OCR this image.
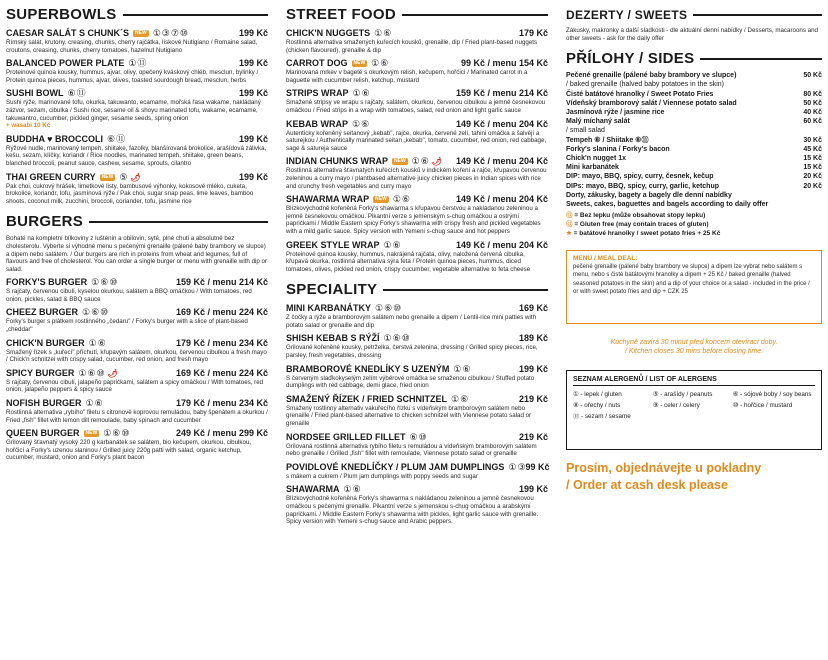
SUPERBOWLS
CAESAR SALÁT S CHUNK´S	NEW ① ③ ⑦ ⑩	199 Kč
Římský salát, krutony, creasing, chunks, cherry rajčátka, lískové Nutigiano / Romaine salad, croutons, creasing, chunks, cherry tomatoes, hazelnut Nutigiano
BALANCED POWER PLATE ① ⑪	199 Kč
Proteinové quinoa kousky, hummus, ajvar, olivy, opečený kváskový chléb, mesclun, bylinky / Protein quinoa pieces, hummus, ajvar, olives, toasted sourdough bread, mesclun, herbs
SUSHI BOWL ⑥ ⑪	199 Kč
Sushi rýže, marinované tofu, okurka, takuwanto, ecamame, mořská řasa wakame, nakládaný zázvor, sezam, cibulka / Sushi rice, sesame oil & shoyu marinated tofu, wakame, ecamame, takuwantro, cucumber, pickled ginger, sesame seeds, spring onion
+ wasabi 10 Kč
BUDDHA ♥ BROCCOLI ⑥ ⑪	199 Kč
Rýžové nudle, marinovaný tempeh, shiitake, fazolky, blanšírovaná brokolice, arašídová zálivka, kešu, sezam, klíčky, koriandr / Rice noodles, marinated tempeh, shiitake, green beans, blanched broccoli, peanut sauce, cashew, sesame, sprouts, cilantro
THAI GREEN CURRY	NEW ⑤ 🌶	199 Kč
Pak choi, cukrový hrášek, limetkové listy, bambusové výhonky, kokosové mléko, cuketa, brokolice, koriandr, tofu, jasmínová rýže / Pak choi, sugar snap peas, lime leaves, bamboo shoots, coconut milk, zucchini, broccoli, coriander, tofu, jasmine rice
BURGERS
Bohaté na kompletní bílkoviny z lušténin a obilovin, syté, plné chuti a absolutně bez cholesterolu. Vyberte si výhodné menu s pečenými grenaille (pálené baby brambory ve slupce) a dipem nebo salátem. / Our burgers are rich in proteins from wheat and legumes, full of flavours and free of cholesterol. You can order a single burger or menu with grenaille with dip or salad.
FORKY'S BURGER ① ⑥ ⑩	159 Kč / menu 214 Kč
S rajčaty, červenou cibulí, kyselou okurkou, salátem a BBQ omáčkou / With tomatoes, red onion, pickles, salad & BBQ sauce
CHEEZ BURGER ① ⑥ ⑩	169 Kč / menu 224 Kč
Forky's burger s plátkem rostlinného „čedaru" / Forky's burger with a slice of plant-based „cheddar"
CHICK'N BURGER ① ⑥	179 Kč / menu 234 Kč
Smažený řízek s „kuřecí" příchutí, křupavým salátem, okurkou, červenou cibulkou a fresh mayo / Chick'n schnitzel with crispy salad, cucumber, red onion, and fresh mayo
SPICY BURGER ① ⑥ ⑩ 🌶	169 Kč / menu 224 Kč
S rajčaty, červenou cibulí, jalapeño papričkami, salátem a spicy omáčkou / With tomatoes, red onion, jalapeño peppers & spicy sauce
NOFISH BURGER ① ⑥	179 Kč / menu 234 Kč
Rostlinná alternativa „rybího" filetu s citronově koprovou remuládou, baby špenátem a okurkou / Fried „fish" fillet with lemon dill remoulade, baby spinach and cucumber
QUEEN BURGER	NEW ① ⑥ ⑩	249 Kč / menu 299 Kč
Grilovaný šťavnatý vysoký 220 g karbanátek se salátem, bio kečupem, okurkou, cibulkou, hořčicí a Forky's uzenou slaninou / Grilled juicy 220g patti with salad, organic ketchup, cucumber, mustard, onion and Forky's plant bacon
STREET FOOD
CHICK'N NUGGETS ① ⑥	179 Kč
Rostlinná alternativa smažených kuřecích kousků, grenaille, dip / Fried plant-based nuggets (chicken flavoured), grenaille & dip
CARROT DOG	NEW ① ⑥	99 Kč / menu 154 Kč
Marinovaná mrkev v bagetě s okurkovým relish, kečupem, hořčicí / Marinated carrot in a baguette with cucumber relish, ketchup, mustard
STRIPS WRAP ① ⑥	159 Kč / menu 214 Kč
Smažené stripsy ve wrapu s rajčaty, salátem, okurkou, červenou cibulkou a jemně česnekovou omáčkou / Fried strips in a wrap with tomatoes, salad, red onion and light garlic sauce
KEBAB WRAP ① ⑥	149 Kč / menu 204 Kč
Autenticky kořeněný seitanový „kebab", rajče, okurka, červené zelí, tahini omáčka a šalvějí a saturejkou / Authentically marinated seitan „kebab", tomato, cucumber, red onion, red cabbage, sage & satureja sauce
INDIAN CHUNKS WRAP	NEW ① ⑥ 🌶 149 Kč / menu 204 Kč
Rostlinná alternativa šťavnatých kuřecích kousků v indickém koření a rajče, křupavou červenou zeleninou a curry mayo / plantbased alternative juicy chicken pieces in Indian spices with rice and crunchy fresh vegetables and curry mayo
SHAWARMA WRAP	NEW ① ⑥	149 Kč / menu 204 Kč
Blízkovýchodně kořeněná Forky's shawarma s křupavou čerstvou a nakládanou zeleninou a jemně česnekovou omáčkou. Pikantní verze s jemenským s-chug omáčkou a ostrými papričkami / Middle Eastern spicy Forky's shawarma with crispy fresh and pickled vegetables with a mild garlic sauce. Spicy version with Yemeni s-chug sauce and hot peppers
GREEK STYLE WRAP ① ⑥	149 Kč / menu 204 Kč
Proteinové quinoa kousky, hummus, nakrájená rajčata, olivy, naložená červená cibulka, křupavá okurka, rostlinná alternativa sýra feta / Protein quinoa pieces, hummus, diced tomatoes, olives, pickled red onion, crispy cucumber, vegetable alternative to feta cheese
SPECIALITY
MINI KARBANÁTKY ① ⑥ ⑩	169 Kč
Z čočky a rýže a bramborovým salátem nebo grenaille a dipem / Lentil-rice mini patties with potato salad or grenaille and dip
SHISH KEBAB S RÝŽÍ ① ⑥ ⑩	189 Kč
Grilované kořeněné kousky, petrželka, čerstvá zelenina, dressing / Grilled spicy pieces, rice, parsley, fresh vegetables, dressing
BRAMBOROVÉ KNEDLÍKY S UZENÝM ① ⑥	199 Kč
S červeným slaďkokyselým zelím výběrové omáčka se smaženou cibulkou / Stuffed potato dumplings with red cabbage, demi glace, fried onion
SMAŽENÝ ŘÍZEK / FRIED SCHNITZEL ① ⑥	219 Kč
Smažený rostlinný alternativ vakuřecího řízku s vídeňským bramborovým salátem nebo grenaille / Fried plant-based alternative to chicken schnitzel with Viennese potato salad or grenaille
NORDSEE GRILLED FILLET ⑥ ⑩	219 Kč
Grilovaná rostlinná alternativa rybího filetu s remuládou a vídeňským bramborovým salátem nebo grenaille / Grilled „fish" fillet with remoulade, Viennese potato salad or grenaille
POVIDLOVÉ KNEDLÍČKY / PLUM JAM DUMPLINGS ① ③ 99 Kč
s mákem a cukrem / Plum jam dumplings with poppy seeds and sugar
SHAWARMA ① ⑥	199 Kč
Blízkovýchodně kořeněná Forky's shawarma s nakládanou zeleninou a jemně česnekovou omáčkou s pečenými grenaille. Pikantní verze s jemenskou s-chug omáčkou a arabskými papričkami. / Middle Eastern Forky's shawarma with pickles, light garlic sauce with grenaille. Spicy version with Yemeni s-chug sauce and Arabic peppers.
DEZERTY / SWEETS
Zákusky, makronky a další sladkosti - dle aktuální denní nabídky / Desserts, macaroons and other sweets - ask for the daily offer
PŘÍLOHY / SIDES
Pečené grenaille (pálené baby brambory ve slupce)	50 Kč
/ baked grenaille (halved baby potatoes in the skin)
Čisté batátové hranolky / Sweet Potato Fries	80 Kč
Vídeňský bramborový salát / Viennese potato salad	50 Kč
Jasmínová rýže / jasmine rice	40 Kč
Malý míchaný salát	60 Kč
/ small salad
Tempeh ⑥ / Shiitake ⑥⑪	30 Kč
Forky's slanina / Forky's bacon	45 Kč
Chick'n nugget 1x	15 Kč
Mini karbanátek	15 Kč
DIP: mayo, BBQ, spicy, curry, česnek, kečup	20 Kč
DIPs: mayo, BBQ, spicy, curry, garlic, ketchup	20 Kč
Dorty, zákusky, bagety a bagely dle denní nabídky
Sweets, cakes, baguettes and bagels according to daily offer
Ⓖ = Bez lepku (může obsahovat stopy lepku)
Ⓖ = Gluten free (may contain traces of gluten)
★ = batátové hranolky / sweet potato fries + 25 Kč
MENU / MEAL DEAL:
pečené grenaille (pálené baby brambory ve slupce) a dipem lze vybrat nebo salátem s menu, nebo s čisté batátovými hranolky a dipem + 25 Kč / baked grenaille (halved seasoned potatoes in the skin) and a dip of your choice or a salad - included in the price / or with sweet potato fries and dip + CZK 25
Kuchyně zavírá 30 minut před koncem otevírací doby.
/ Kitchen closes 30 mins before closing time.
SEZNAM ALERGENŮ / LIST OF ALERGENS
① - lepek / gluten	⑤ - arašídy / peanuts	⑥ - sójové boby / soy beans
⑧ - ořechy / nuts	⑨ - celer / celery	⑩ - hořčice / mustard
⑪ - sezam / sesame
Prosím, objednávejte u pokladny
/ Order at cash desk please
